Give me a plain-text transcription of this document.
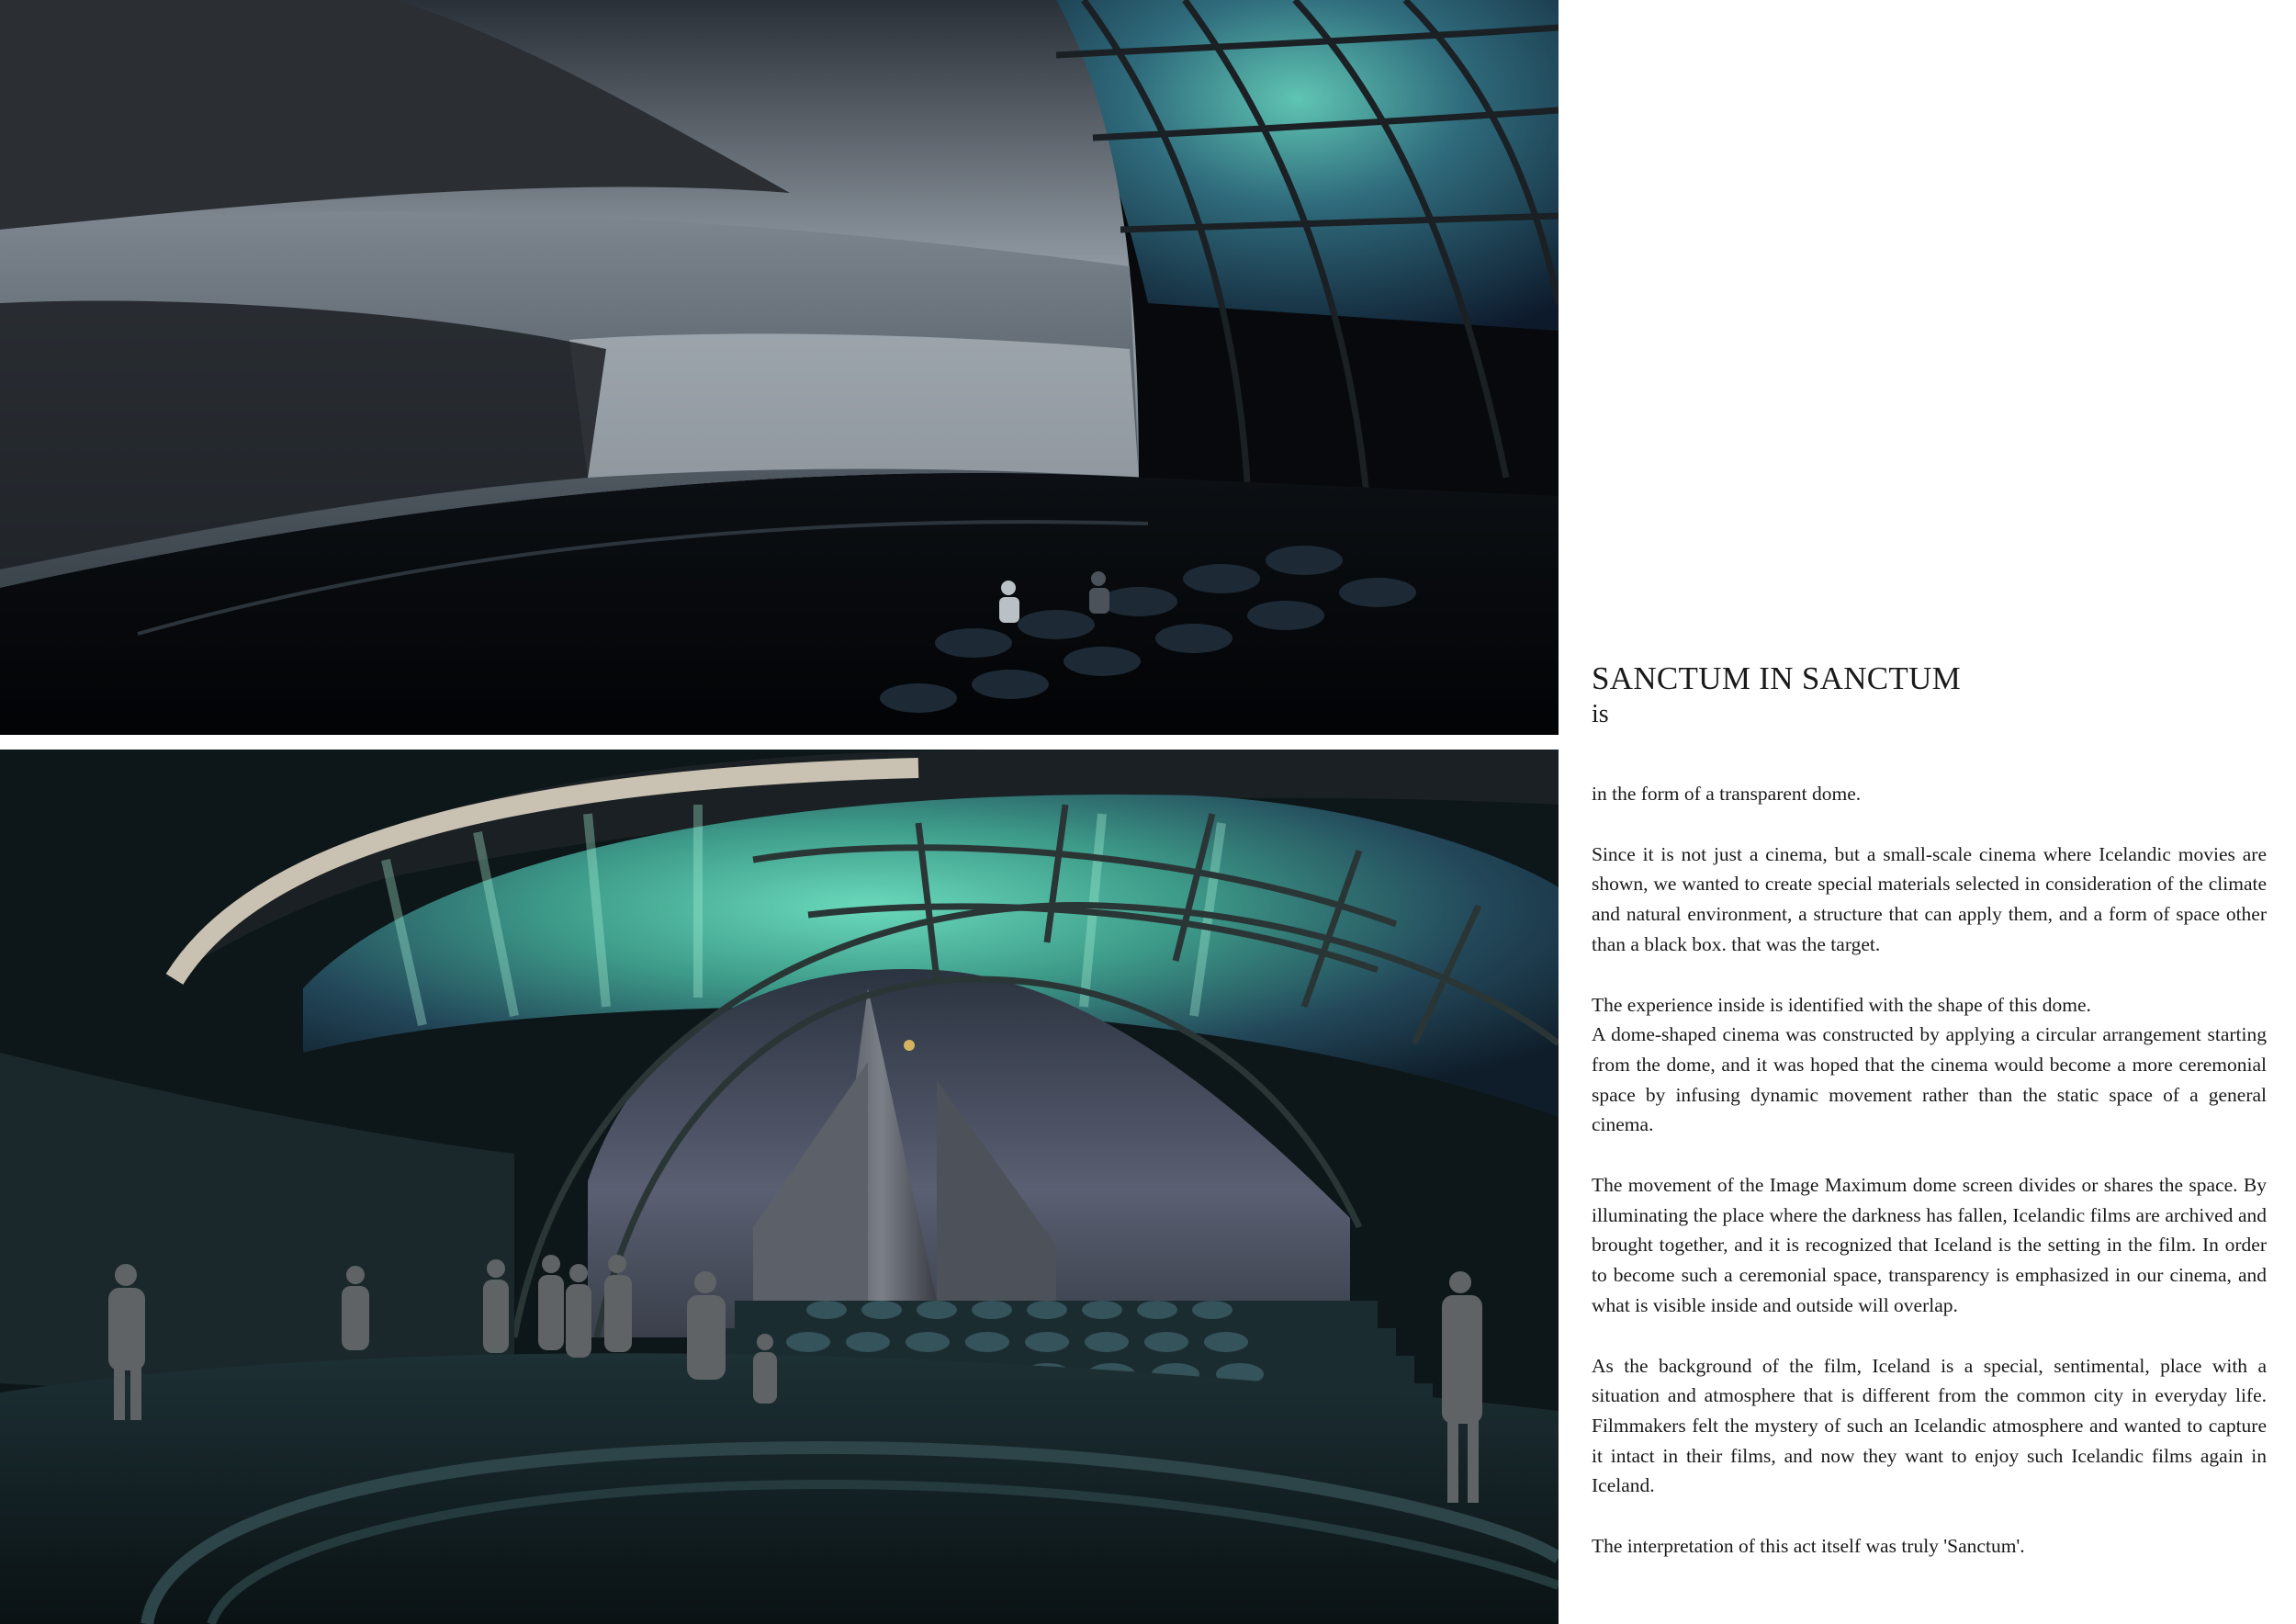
SANCTUM IN SANCTUM
is
in the form of a transparent dome.
Since it is not just a cinema, but a small-scale cinema where Icelandic movies are shown, we wanted to create special materials selected in consideration of the climate and natural environment, a structure that can apply them, and a form of space other than a black box. that was the target.
The experience inside is identified with the shape of this dome.
A dome-shaped cinema was constructed by applying a circular arrangement starting from the dome, and it was hoped that the cinema would become a more ceremonial space by infusing dynamic movement rather than the static space of a general cinema.
The movement of the Image Maximum dome screen divides or shares the space. By illuminating the place where the darkness has fallen, Icelandic films are archived and brought together, and it is recognized that Iceland is the setting in the film. In order to become such a ceremonial space, transparency is emphasized in our cinema, and what is visible inside and outside will overlap.
As the background of the film, Iceland is a special, sentimental, place with a situation and atmosphere that is different from the common city in everyday life. Filmmakers felt the mystery of such an Icelandic atmosphere and wanted to capture it intact in their films, and now they want to enjoy such Icelandic films again in Iceland.
The interpretation of this act itself was truly 'Sanctum'.
